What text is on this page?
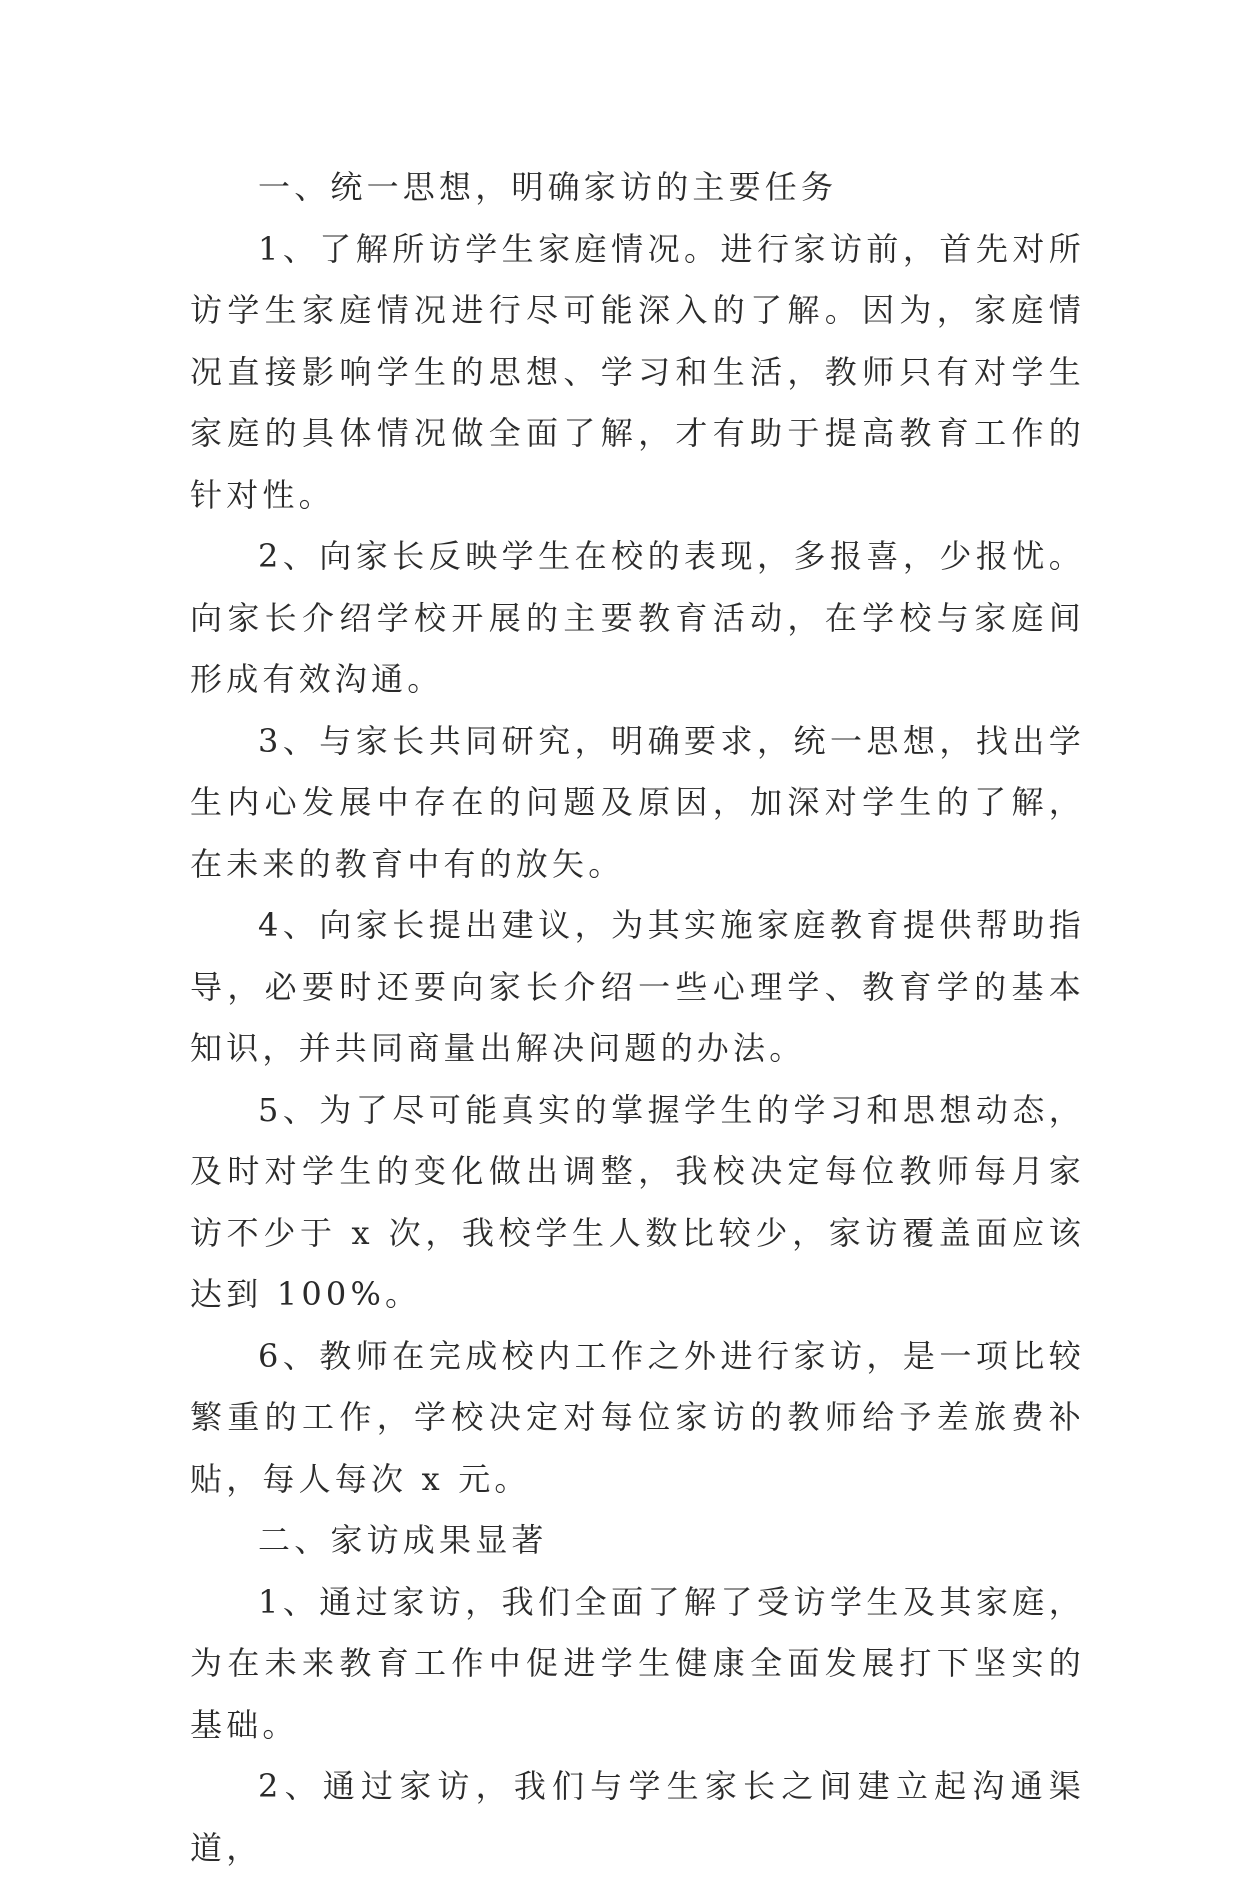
一、统一思想，明确家访的主要任务

1、了解所访学生家庭情况。进行家访前，首先对所访学生家庭情况进行尽可能深入的了解。因为，家庭情况直接影响学生的思想、学习和生活，教师只有对学生家庭的具体情况做全面了解，才有助于提高教育工作的针对性。

2、向家长反映学生在校的表现，多报喜，少报忧。向家长介绍学校开展的主要教育活动，在学校与家庭间形成有效沟通。

3、与家长共同研究，明确要求，统一思想，找出学生内心发展中存在的问题及原因，加深对学生的了解，在未来的教育中有的放矢。

4、向家长提出建议，为其实施家庭教育提供帮助指导，必要时还要向家长介绍一些心理学、教育学的基本知识，并共同商量出解决问题的办法。

5、为了尽可能真实的掌握学生的学习和思想动态，及时对学生的变化做出调整，我校决定每位教师每月家访不少于 x 次，我校学生人数比较少，家访覆盖面应该达到 100%。

6、教师在完成校内工作之外进行家访，是一项比较繁重的工作，学校决定对每位家访的教师给予差旅费补贴，每人每次 x 元。

二、家访成果显著

1、通过家访，我们全面了解了受访学生及其家庭，为在未来教育工作中促进学生健康全面发展打下坚实的基础。

2、通过家访，我们与学生家长之间建立起沟通渠道，
